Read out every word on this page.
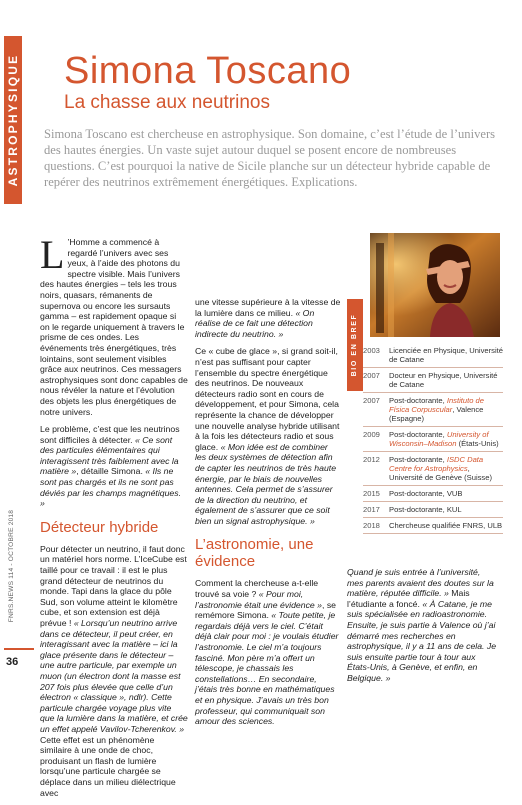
ASTROPHYSIQUE
FNRS.NEWS 114 - OCTOBRE 2018
36
Simona Toscano
La chasse aux neutrinos
Simona Toscano est chercheuse en astrophysique. Son domaine, c’est l’étude de l’univers des hautes énergies. Un vaste sujet autour duquel se posent encore de nombreuses questions. C’est pourquoi la native de Sicile planche sur un détecteur hybride capable de repérer des neutrinos extrêmement énergétiques. Explications.

L ’Homme a commencé à regardé l’univers avec ses yeux, à l’aide des photons du spectre visible. Mais l’univers des hautes énergies – tels les trous noirs, quasars, rémanents de supernova ou encore les sursauts gamma – est rapidement opaque si on le regarde uniquement à travers le prisme de ces ondes. Les événements très énergétiques, très lointains, sont seulement visibles grâce aux neutrinos. Ces messagers astrophysiques sont donc capables de nous révéler la nature et l’évolution des objets les plus énergétiques de notre univers.

Le problème, c’est que les neutrinos sont difficiles à détecter. « Ce sont des particules élémentaires qui interagissent très faiblement avec la matière », détaille Simona. « Ils ne sont pas chargés et ils ne sont pas déviés par les champs magnétiques. »

Détecteur hybride

Pour détecter un neutrino, il faut donc un matériel hors norme. L’IceCube est taillé pour ce travail : il est le plus grand détecteur de neutrinos du monde. Tapi dans la glace du pôle Sud, son volume atteint le kilomètre cube, et son extension est déjà prévue ! « Lorsqu’un neutrino arrive dans ce détecteur, il peut créer, en interagissant avec la matière – ici la glace présente dans le détecteur – une autre particule, par exemple un muon (un électron dont la masse est 207 fois plus élevée que celle d’un électron « classique », ndlr). Cette particule chargée voyage plus vite que la lumière dans la matière, et crée un effet appelé Vavilov-Tcherenkov. » Cette effet est un phénomène similaire à une onde de choc, produisant un flash de lumière lorsqu’une particule chargée se déplace dans un milieu diélectrique avec

une vitesse supérieure à la vitesse de la lumière dans ce milieu. « On réalise de ce fait une détection indirecte du neutrino. »

Ce « cube de glace », si grand soit-il, n’est pas suffisant pour capter l’ensemble du spectre énergétique des neutrinos. De nouveaux détecteurs radio sont en cours de développement, et pour Simona, cela représente la chance de développer une nouvelle analyse hybride utilisant à la fois les détecteurs radio et sous glace. « Mon idée est de combiner les deux systèmes de détection afin de capter les neutrinos de très haute énergie, par le biais de nouvelles antennes. Cela permet de s’assurer de la direction du neutrino, et également de s’assurer que ce soit bien un signal astrophysique. »

L’astronomie, une évidence

Comment la chercheuse a-t-elle trouvé sa voie ? « Pour moi, l’astronomie était une évidence », se remémore Simona. « Toute petite, je regardais déjà vers le ciel. C’était déjà clair pour moi : je voulais étudier l’astronomie. Le ciel m’a toujours fasciné. Mon père m’a offert un télescope, je chassais les constellations… En secondaire, j’étais très bonne en mathématiques et en physique. J’avais un très bon professeur, qui communiquait son amour des sciences.

BIO EN BREF 2003	Licenciée en Physique, Université de Catane
2007	Docteur en Physique, Université de Catane
2007	Post-doctorante, Instituto de Física Corpuscular, Valence (Espagne)
2009	Post-doctorante, University of Wisconsin–Madison (États-Unis)
2012	Post-doctorante, ISDC Data Centre for Astrophysics, Université de Genève (Suisse)
2015	Post-doctorante, VUB
2017	Post-doctorante, KUL
2018	Chercheuse qualifiée FNRS, ULB

Quand je suis entrée à l’université, mes parents avaient des doutes sur la matière, réputée difficile. » Mais l’étudiante a foncé. « À Catane, je me suis spécialisée en radioastronomie. Ensuite, je suis partie à Valence où j’ai démarré mes recherches en astrophysique, il y a 11 ans de cela. Je suis ensuite partie tour à tour aux États-Unis, à Genève, et enfin, en Belgique. »
